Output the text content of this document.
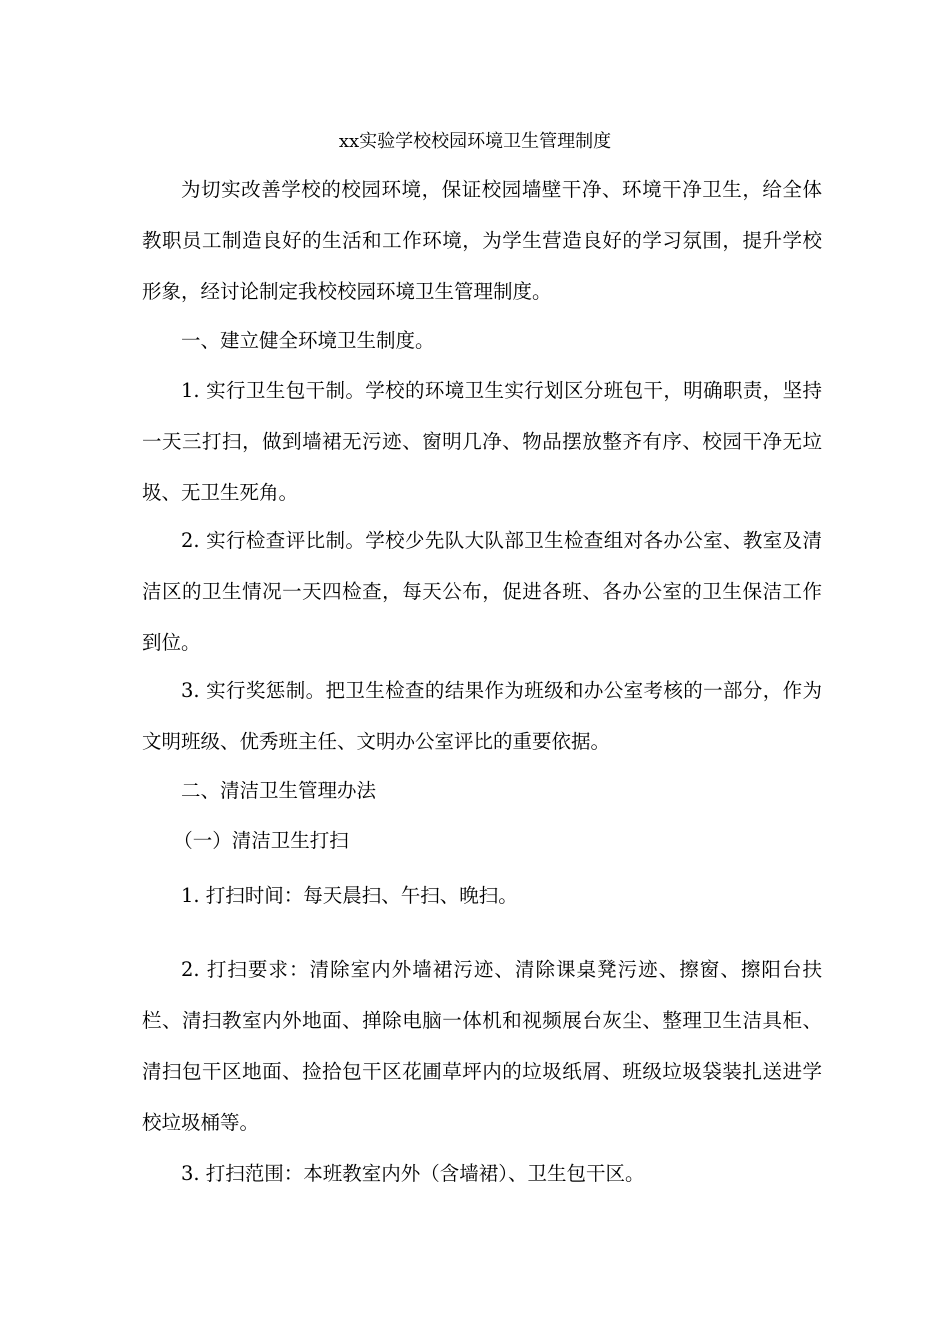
xx实验学校校园环境卫生管理制度

为切实改善学校的校园环境，保证校园墙壁干净、环境干净卫生，给全体教职员工制造良好的生活和工作环境，为学生营造良好的学习氛围，提升学校形象，经讨论制定我校校园环境卫生管理制度。

一、建立健全环境卫生制度。

1. 实行卫生包干制。学校的环境卫生实行划区分班包干，明确职责，坚持一天三打扫，做到墙裙无污迹、窗明几净、物品摆放整齐有序、校园干净无垃圾、无卫生死角。

2. 实行检查评比制。学校少先队大队部卫生检查组对各办公室、教室及清洁区的卫生情况一天四检查，每天公布，促进各班、各办公室的卫生保洁工作到位。

3. 实行奖惩制。把卫生检查的结果作为班级和办公室考核的一部分，作为文明班级、优秀班主任、文明办公室评比的重要依据。

二、清洁卫生管理办法

（一）清洁卫生打扫

1. 打扫时间：每天晨扫、午扫、晚扫。

2. 打扫要求：清除室内外墙裙污迹、清除课桌凳污迹、擦窗、擦阳台扶栏、清扫教室内外地面、掸除电脑一体机和视频展台灰尘、整理卫生洁具柜、清扫包干区地面、捡拾包干区花圃草坪内的垃圾纸屑、班级垃圾袋装扎送进学校垃圾桶等。

3. 打扫范围：本班教室内外（含墙裙）、卫生包干区。
